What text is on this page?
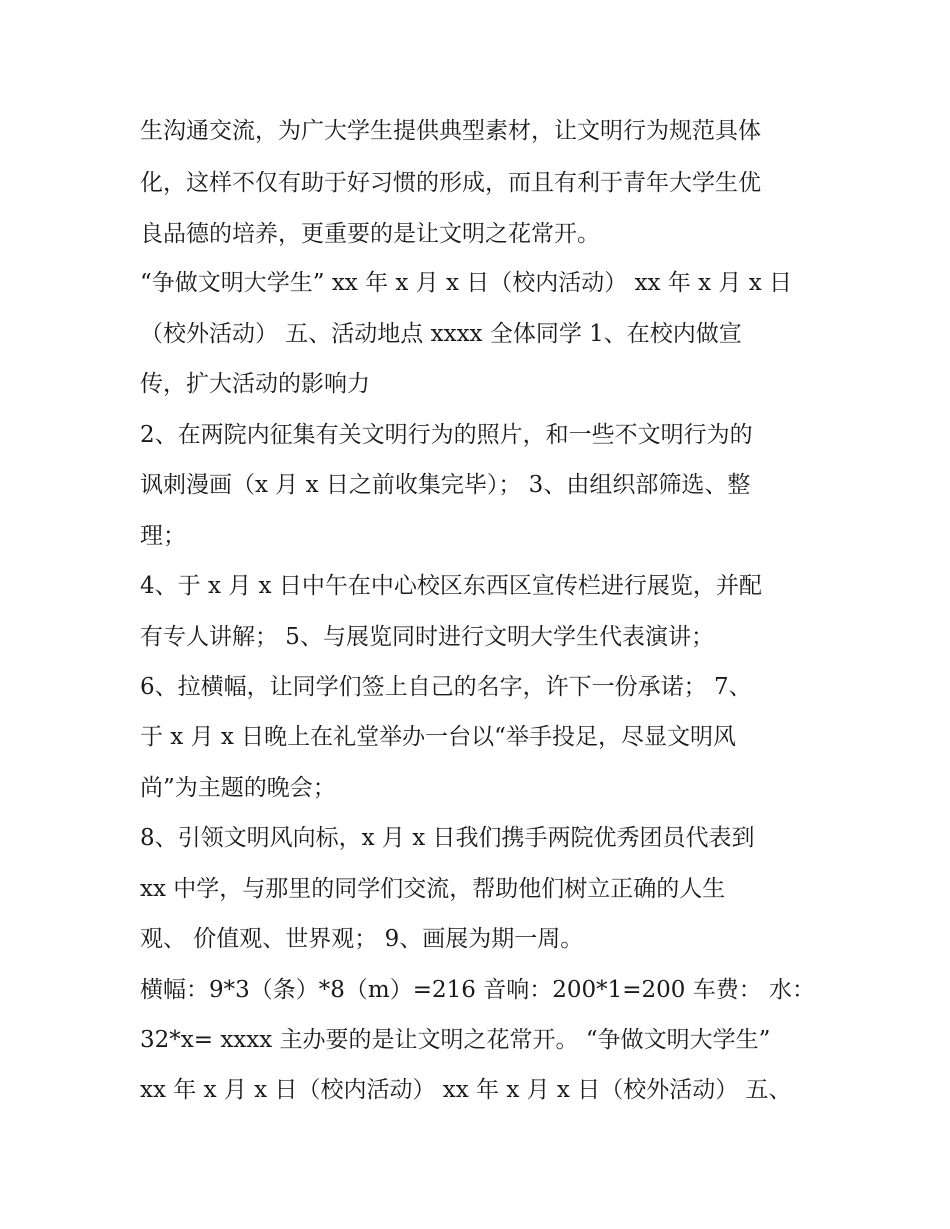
生沟通交流，为广大学生提供典型素材，让文明行为规范具体
化，这样不仅有助于好习惯的形成，而且有利于青年大学生优
良品德的培养，更重要的是让文明之花常开。
“争做文明大学生” xx 年 x 月 x 日（校内活动） xx 年 x 月 x 日
（校外活动） 五、活动地点 xxxx 全体同学 1、在校内做宣
传，扩大活动的影响力
2、在两院内征集有关文明行为的照片，和一些不文明行为的
讽刺漫画（x 月 x 日之前收集完毕）； 3、由组织部筛选、整
理；
4、于 x 月 x 日中午在中心校区东西区宣传栏进行展览，并配
有专人讲解； 5、与展览同时进行文明大学生代表演讲；
6、拉横幅，让同学们签上自己的名字，许下一份承诺； 7、
于 x 月 x 日晚上在礼堂举办一台以“举手投足，尽显文明风
尚”为主题的晚会；
8、引领文明风向标，x 月 x 日我们携手两院优秀团员代表到
xx 中学，与那里的同学们交流，帮助他们树立正确的人生
观、 价值观、世界观； 9、画展为期一周。
横幅：9*3（条）*8（m）=216 音响：200*1=200 车费： 水：
32*x= xxxx 主办要的是让文明之花常开。 “争做文明大学生”
xx 年 x 月 x 日（校内活动） xx 年 x 月 x 日（校外活动） 五、
